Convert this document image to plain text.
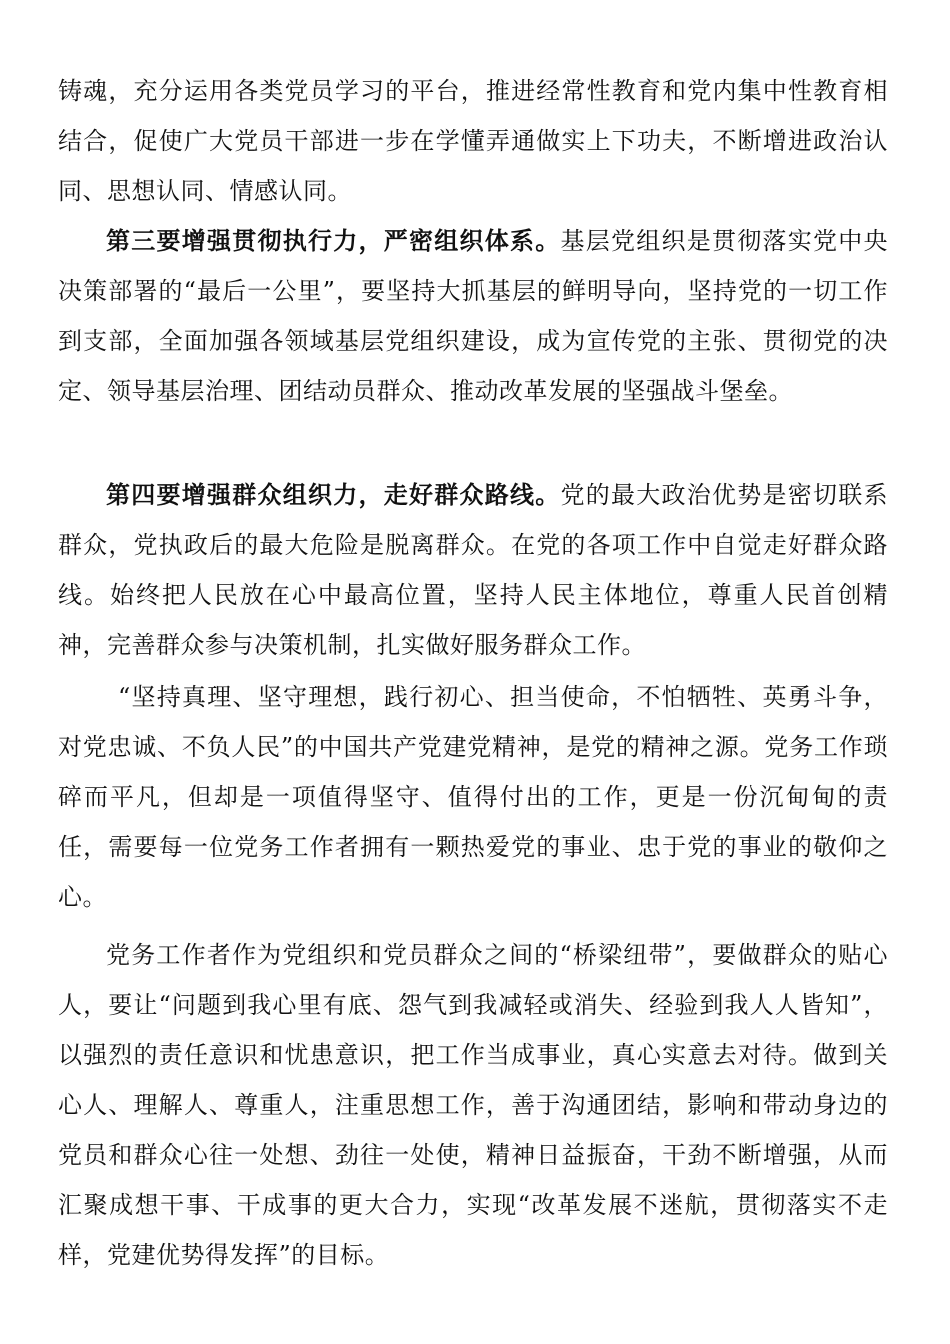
铸魂，充分运用各类党员学习的平台，推进经常性教育和党内集中性教育相结合，促使广大党员干部进一步在学懂弄通做实上下功夫，不断增进政治认同、思想认同、情感认同。

第三要增强贯彻执行力，严密组织体系。基层党组织是贯彻落实党中央决策部署的“最后一公里”，要坚持大抓基层的鲜明导向，坚持党的一切工作到支部，全面加强各领域基层党组织建设，成为宣传党的主张、贯彻党的决定、领导基层治理、团结动员群众、推动改革发展的坚强战斗堡垒。

第四要增强群众组织力，走好群众路线。党的最大政治优势是密切联系群众，党执政后的最大危险是脱离群众。在党的各项工作中自觉走好群众路线。始终把人民放在心中最高位置，坚持人民主体地位，尊重人民首创精神，完善群众参与决策机制，扎实做好服务群众工作。

“坚持真理、坚守理想，践行初心、担当使命，不怕牺牲、英勇斗争，对党忠诚、不负人民”的中国共产党建党精神，是党的精神之源。党务工作琐碎而平凡，但却是一项值得坚守、值得付出的工作，更是一份沉甸甸的责任，需要每一位党务工作者拥有一颗热爱党的事业、忠于党的事业的敬仰之心。

党务工作者作为党组织和党员群众之间的“桥梁纽带”，要做群众的贴心人，要让“问题到我心里有底、怨气到我减轻或消失、经验到我人人皆知”，以强烈的责任意识和忧患意识，把工作当成事业，真心实意去对待。做到关心人、理解人、尊重人，注重思想工作，善于沟通团结，影响和带动身边的党员和群众心往一处想、劲往一处使，精神日益振奋，干劲不断增强，从而汇聚成想干事、干成事的更大合力，实现“改革发展不迷航，贯彻落实不走样，党建优势得发挥”的目标。
